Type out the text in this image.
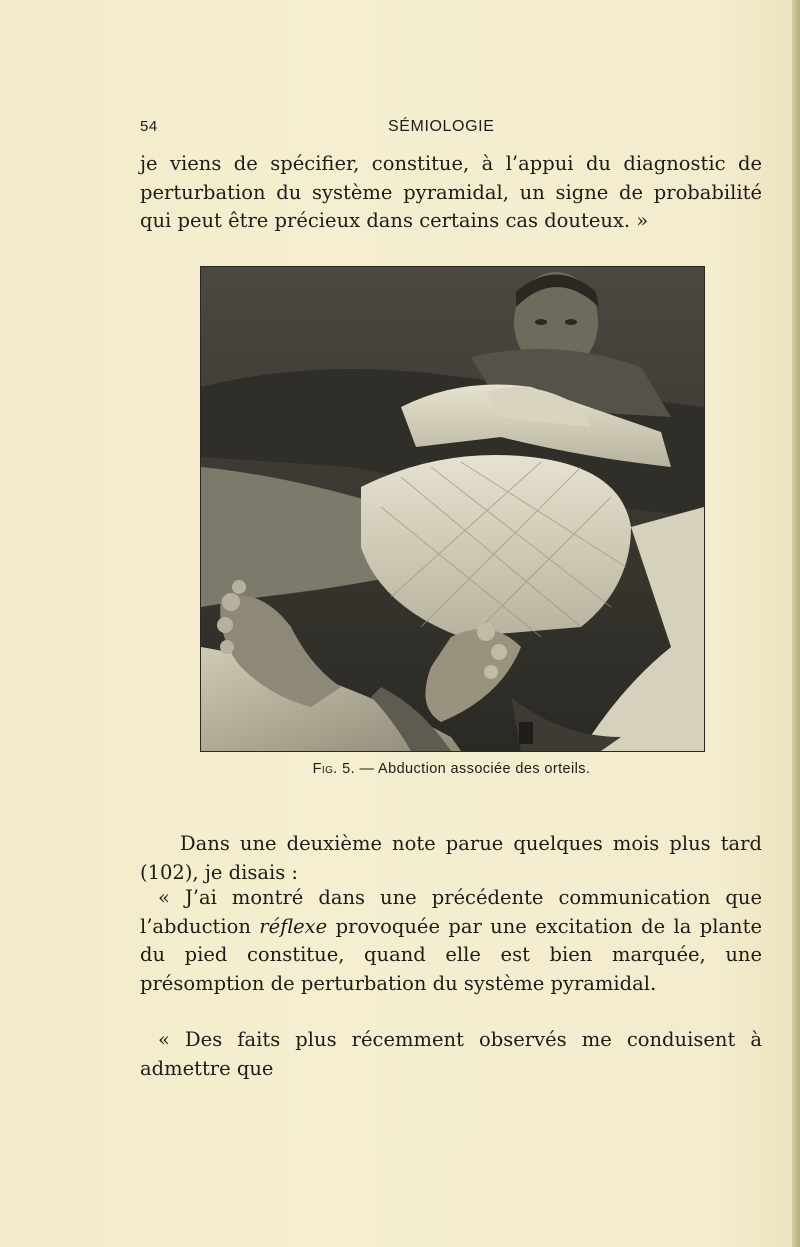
54	SÉMIOLOGIE

je viens de spécifier, constitue, à l’appui du diagnostic de perturbation du système pyramidal, un signe de probabilité qui peut être précieux dans certains cas douteux. »

Fig. 5. — Abduction associée des orteils.

Dans une deuxième note parue quelques mois plus tard (102), je disais :

« J’ai montré dans une précédente communication que l’abduction réflexe provoquée par une excitation de la plante du pied constitue, quand elle est bien marquée, une présomption de perturbation du système pyramidal.

« Des faits plus récemment observés me conduisent à admettre que
